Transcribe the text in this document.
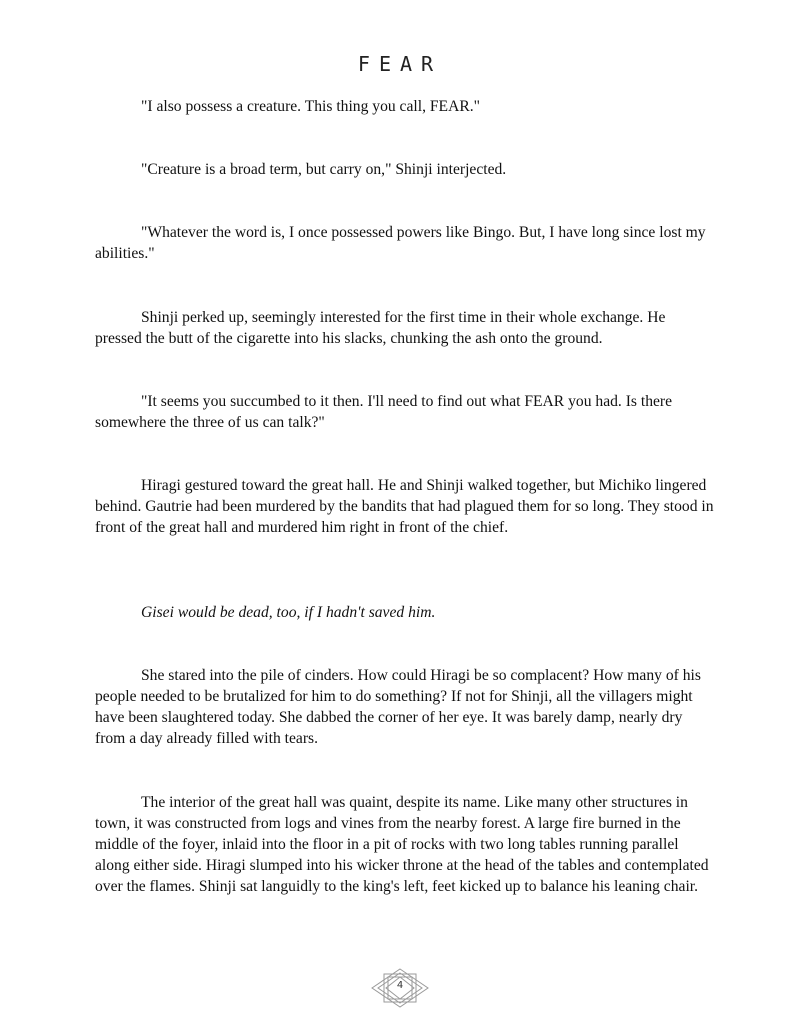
FEAR

"I also possess a creature. This thing you call, FEAR."

"Creature is a broad term, but carry on," Shinji interjected.

"Whatever the word is, I once possessed powers like Bingo. But, I have long since lost my abilities."

Shinji perked up, seemingly interested for the first time in their whole exchange. He pressed the butt of the cigarette into his slacks, chunking the ash onto the ground.

"It seems you succumbed to it then. I'll need to find out what FEAR you had. Is there somewhere the three of us can talk?"

Hiragi gestured toward the great hall. He and Shinji walked together, but Michiko lingered behind. Gautrie had been murdered by the bandits that had plagued them for so long. They stood in front of the great hall and murdered him right in front of the chief.

Gisei would be dead, too, if I hadn't saved him.

She stared into the pile of cinders. How could Hiragi be so complacent? How many of his people needed to be brutalized for him to do something? If not for Shinji, all the villagers might have been slaughtered today. She dabbed the corner of her eye. It was barely damp, nearly dry from a day already filled with tears.

The interior of the great hall was quaint, despite its name. Like many other structures in town, it was constructed from logs and vines from the nearby forest. A large fire burned in the middle of the foyer, inlaid into the floor in a pit of rocks with two long tables running parallel along either side. Hiragi slumped into his wicker throne at the head of the tables and contemplated over the flames. Shinji sat languidly to the king's left, feet kicked up to balance his leaning chair.

4
